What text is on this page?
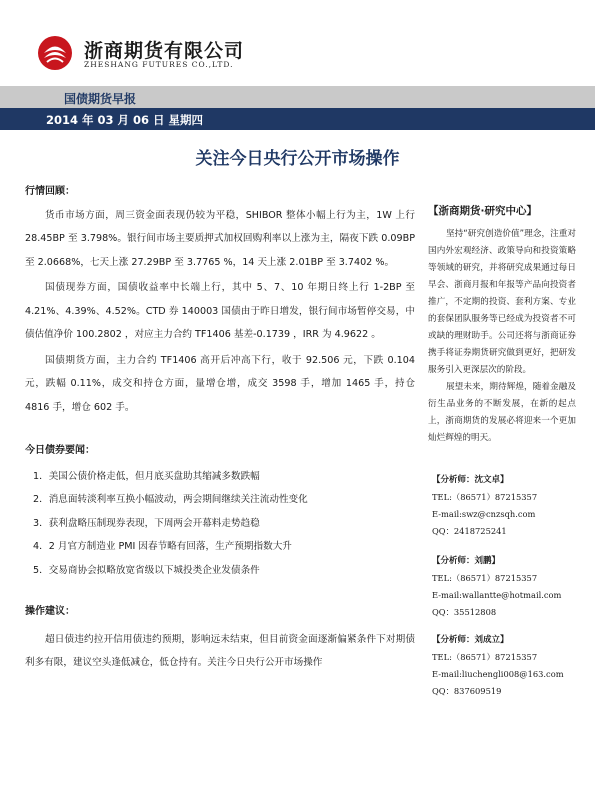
浙商期货有限公司
ZHESHANG FUTURES CO.,LTD.
国债期货早报
2014 年 03 月 06 日 星期四
关注今日央行公开市场操作
行情回顾：

货币市场方面，周三资金面表现仍较为平稳，SHIBOR 整体小幅上行为主，1W 上行 28.45BP 至 3.798%。银行间市场主要质押式加权回购利率以上涨为主，隔夜下跌 0.09BP 至 2.0668%，七天上涨 27.29BP 至 3.7765 %，14 天上涨 2.01BP 至 3.7402 %。

国债现券方面，国债收益率中长端上行，其中 5、7、10 年期日终上行 1-2BP 至 4.21%、4.39%、4.52%。CTD 券 140003 国债由于昨日增发，银行间市场暂停交易，中债估值净价 100.2802 ，对应主力合约 TF1406 基差-0.1739 ，IRR 为 4.9622 。

国债期货方面，主力合约 TF1406 高开后冲高下行，收于 92.506 元，下跌 0.104 元，跌幅 0.11%，成交和持仓方面，量增仓增，成交 3598 手，增加 1465 手，持仓 4816 手，增仓 602 手。

今日债券要闻：
1．美国公债价格走低，但月底买盘助其缩减多数跌幅
2．消息面转淡利率互换小幅波动，两会期间继续关注流动性变化
3．获利盘略压制现券表现，下周两会开幕料走势趋稳
4．2 月官方制造业 PMI 因春节略有回落，生产预期指数大升
5．交易商协会拟略放宽省级以下城投类企业发债条件
操作建议：

超日债违约拉开信用债违约预期，影响远未结束，但目前资金面逐渐偏紧条件下对期债利多有限，建议空头逢低减仓，低仓持有。关注今日央行公开市场操作

【浙商期货·研究中心】

坚持“研究创造价值”理念，注重对国内外宏观经济、政策导向和投资策略等领域的研究，并将研究成果通过每日早会、浙商月报和年报等产品向投资者推广，不定期的投资、套利方案、专业的套保团队服务等已经成为投资者不可或缺的理财助手。公司还将与浙商证券携手将证券期货研究做到更好，把研发服务引入更深层次的阶段。

展望未来，期待辉煌，随着金融及衍生品业务的不断发展，在新的起点上，浙商期货的发展必将迎来一个更加灿烂辉煌的明天。

【分析师：沈文卓】
TEL:（86571）87215357
E-mail:swz@cnzsqh.com
QQ：2418725241
【分析师：刘鹏】
TEL:（86571）87215357
E-mail:wallantte@hotmail.com
QQ：35512808
【分析师：刘成立】
TEL:（86571）87215357
E-mail:liuchengli008@163.com
QQ：837609519
